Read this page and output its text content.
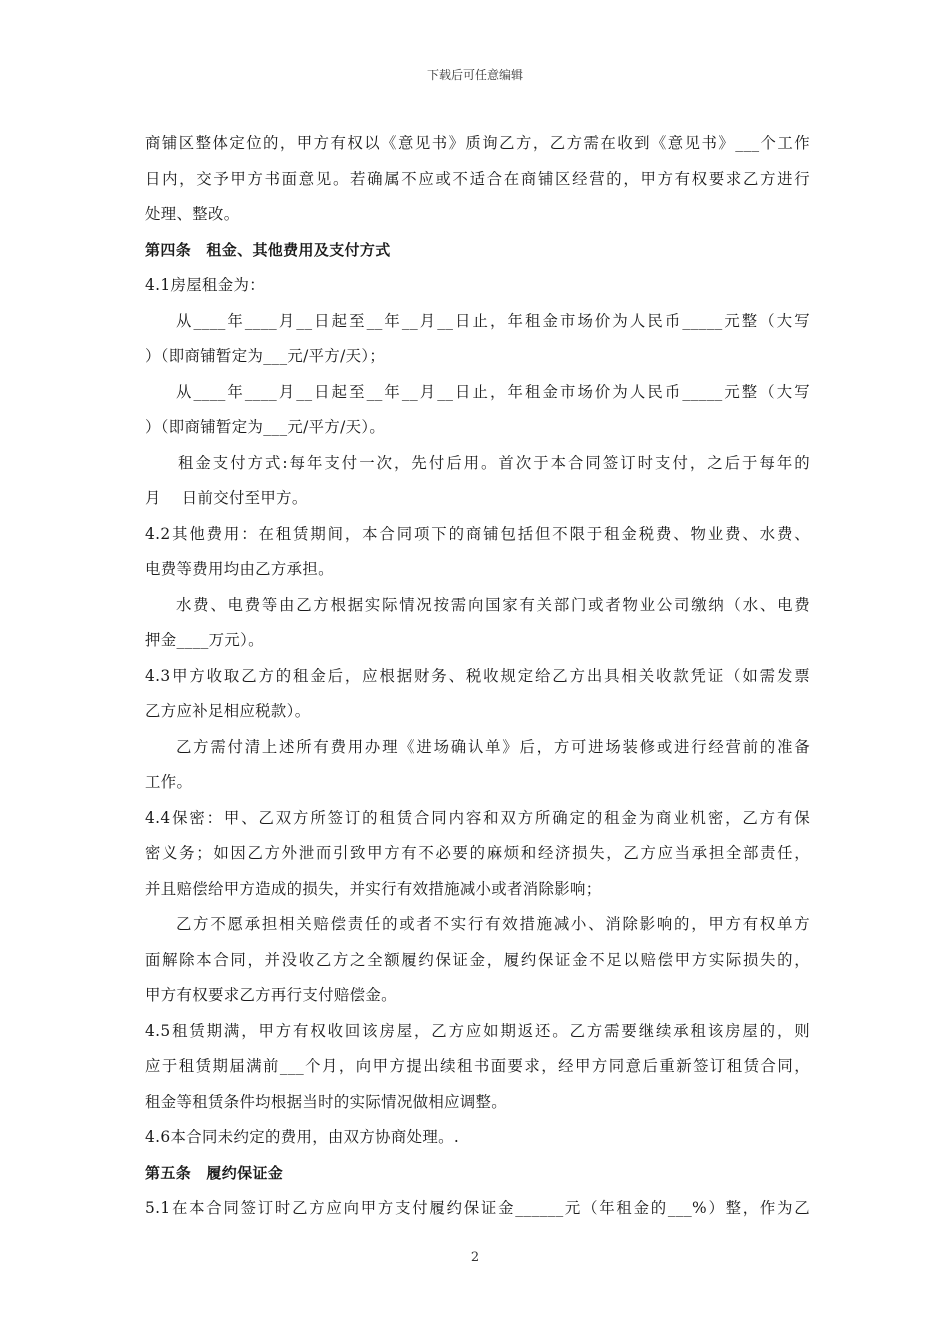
下载后可任意编辑
商铺区整体定位的，甲方有权以《意见书》质询乙方，乙方需在收到《意见书》___个工作
日内，交予甲方书面意见。若确属不应或不适合在商铺区经营的，甲方有权要求乙方进行
处理、整改。
第四条　租金、其他费用及支付方式
4.1房屋租金为：
从____年____月__日起至__年__月__日止，年租金市场价为人民币_____元整（大写
）（即商铺暂定为___元/平方/天）；
从____年____月__日起至__年__月__日止，年租金市场价为人民币_____元整（大写
）（即商铺暂定为___元/平方/天）。
租金支付方式:每年支付一次，先付后用。首次于本合同签订时支付，之后于每年的
月　 日前交付至甲方。
4.2其他费用：在租赁期间，本合同项下的商铺包括但不限于租金税费、物业费、水费、
电费等费用均由乙方承担。
水费、电费等由乙方根据实际情况按需向国家有关部门或者物业公司缴纳（水、电费
押金____万元）。
4.3甲方收取乙方的租金后，应根据财务、税收规定给乙方出具相关收款凭证（如需发票
乙方应补足相应税款）。
乙方需付清上述所有费用办理《进场确认单》后，方可进场装修或进行经营前的准备
工作。
4.4保密：甲、乙双方所签订的租赁合同内容和双方所确定的租金为商业机密，乙方有保
密义务；如因乙方外泄而引致甲方有不必要的麻烦和经济损失，乙方应当承担全部责任，
并且赔偿给甲方造成的损失，并实行有效措施减小或者消除影响；
乙方不愿承担相关赔偿责任的或者不实行有效措施减小、消除影响的，甲方有权单方
面解除本合同，并没收乙方之全额履约保证金，履约保证金不足以赔偿甲方实际损失的，
甲方有权要求乙方再行支付赔偿金。
4.5租赁期满，甲方有权收回该房屋，乙方应如期返还。乙方需要继续承租该房屋的，则
应于租赁期届满前___个月，向甲方提出续租书面要求，经甲方同意后重新签订租赁合同，
租金等租赁条件均根据当时的实际情况做相应调整。
4.6本合同未约定的费用，由双方协商处理。.
第五条　履约保证金
5.1在本合同签订时乙方应向甲方支付履约保证金______元（年租金的___%）整，作为乙
2
